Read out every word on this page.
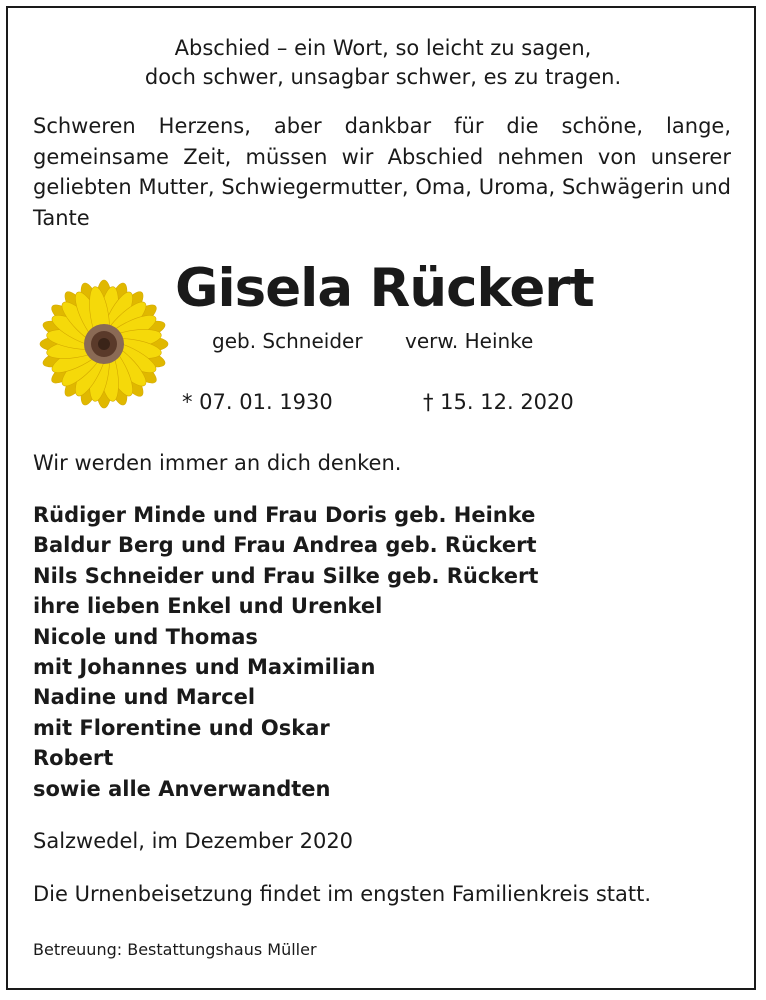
Abschied – ein Wort, so leicht zu sagen,
doch schwer, unsagbar schwer, es zu tragen.
Schweren Herzens, aber dankbar für die schöne, lange, gemeinsame Zeit, müssen wir Abschied nehmen von unserer geliebten Mutter, Schwiegermutter, Oma, Uroma, Schwägerin und Tante
Gisela Rückert
geb. Schneider verw. Heinke
* 07. 01. 1930	† 15. 12. 2020
Wir werden immer an dich denken.
Rüdiger Minde und Frau Doris geb. Heinke
Baldur Berg und Frau Andrea geb. Rückert
Nils Schneider und Frau Silke geb. Rückert
ihre lieben Enkel und Urenkel
Nicole und Thomas
mit Johannes und Maximilian
Nadine und Marcel
mit Florentine und Oskar
Robert
sowie alle Anverwandten
Salzwedel, im Dezember 2020
Die Urnenbeisetzung findet im engsten Familienkreis statt.
Betreuung: Bestattungshaus Müller
